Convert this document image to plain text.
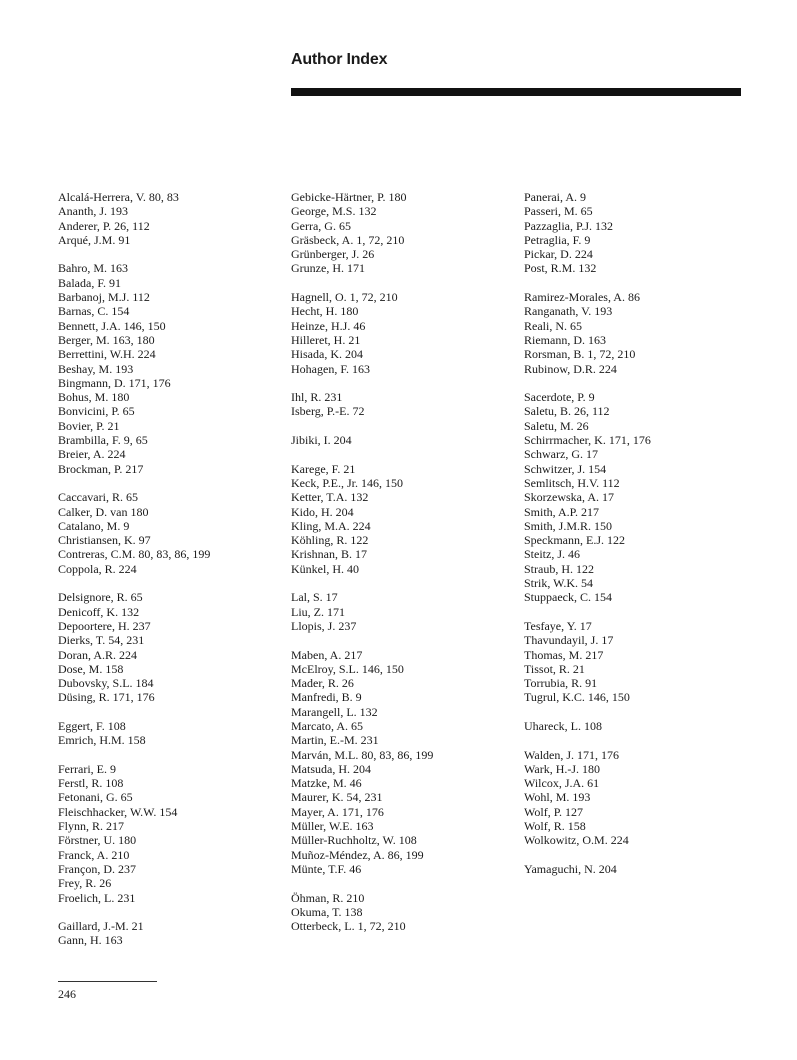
Author Index
Alcalá-Herrera, V. 80, 83
Ananth, J. 193
Anderer, P. 26, 112
Arqué, J.M. 91
Bahro, M. 163
Balada, F. 91
Barbanoj, M.J. 112
Barnas, C. 154
Bennett, J.A. 146, 150
Berger, M. 163, 180
Berrettini, W.H. 224
Beshay, M. 193
Bingmann, D. 171, 176
Bohus, M. 180
Bonvicini, P. 65
Bovier, P. 21
Brambilla, F. 9, 65
Breier, A. 224
Brockman, P. 217
Caccavari, R. 65
Calker, D. van 180
Catalano, M. 9
Christiansen, K. 97
Contreras, C.M. 80, 83, 86, 199
Coppola, R. 224
Delsignore, R. 65
Denicoff, K. 132
Depoortere, H. 237
Dierks, T. 54, 231
Doran, A.R. 224
Dose, M. 158
Dubovsky, S.L. 184
Düsing, R. 171, 176
Eggert, F. 108
Emrich, H.M. 158
Ferrari, E. 9
Ferstl, R. 108
Fetonani, G. 65
Fleischhacker, W.W. 154
Flynn, R. 217
Förstner, U. 180
Franck, A. 210
Françon, D. 237
Frey, R. 26
Froelich, L. 231
Gaillard, J.-M. 21
Gann, H. 163
Gebicke-Härtner, P. 180
George, M.S. 132
Gerra, G. 65
Gräsbeck, A. 1, 72, 210
Grünberger, J. 26
Grunze, H. 171
Hagnell, O. 1, 72, 210
Hecht, H. 180
Heinze, H.J. 46
Hilleret, H. 21
Hisada, K. 204
Hohagen, F. 163
Ihl, R. 231
Isberg, P.-E. 72
Jibiki, I. 204
Karege, F. 21
Keck, P.E., Jr. 146, 150
Ketter, T.A. 132
Kido, H. 204
Kling, M.A. 224
Köhling, R. 122
Krishnan, B. 17
Künkel, H. 40
Lal, S. 17
Liu, Z. 171
Llopis, J. 237
Maben, A. 217
McElroy, S.L. 146, 150
Mader, R. 26
Manfredi, B. 9
Marangell, L. 132
Marcato, A. 65
Martin, E.-M. 231
Marván, M.L. 80, 83, 86, 199
Matsuda, H. 204
Matzke, M. 46
Maurer, K. 54, 231
Mayer, A. 171, 176
Müller, W.E. 163
Müller-Ruchholtz, W. 108
Muñoz-Méndez, A. 86, 199
Münte, T.F. 46
Öhman, R. 210
Okuma, T. 138
Otterbeck, L. 1, 72, 210
Panerai, A. 9
Passeri, M. 65
Pazzaglia, P.J. 132
Petraglia, F. 9
Pickar, D. 224
Post, R.M. 132
Ramirez-Morales, A. 86
Ranganath, V. 193
Reali, N. 65
Riemann, D. 163
Rorsman, B. 1, 72, 210
Rubinow, D.R. 224
Sacerdote, P. 9
Saletu, B. 26, 112
Saletu, M. 26
Schirrmacher, K. 171, 176
Schwarz, G. 17
Schwitzer, J. 154
Semlitsch, H.V. 112
Skorzewska, A. 17
Smith, A.P. 217
Smith, J.M.R. 150
Speckmann, E.J. 122
Steitz, J. 46
Straub, H. 122
Strik, W.K. 54
Stuppaeck, C. 154
Tesfaye, Y. 17
Thavundayil, J. 17
Thomas, M. 217
Tissot, R. 21
Torrubia, R. 91
Tugrul, K.C. 146, 150
Uhareck, L. 108
Walden, J. 171, 176
Wark, H.-J. 180
Wilcox, J.A. 61
Wohl, M. 193
Wolf, P. 127
Wolf, R. 158
Wolkowitz, O.M. 224
Yamaguchi, N. 204
246
